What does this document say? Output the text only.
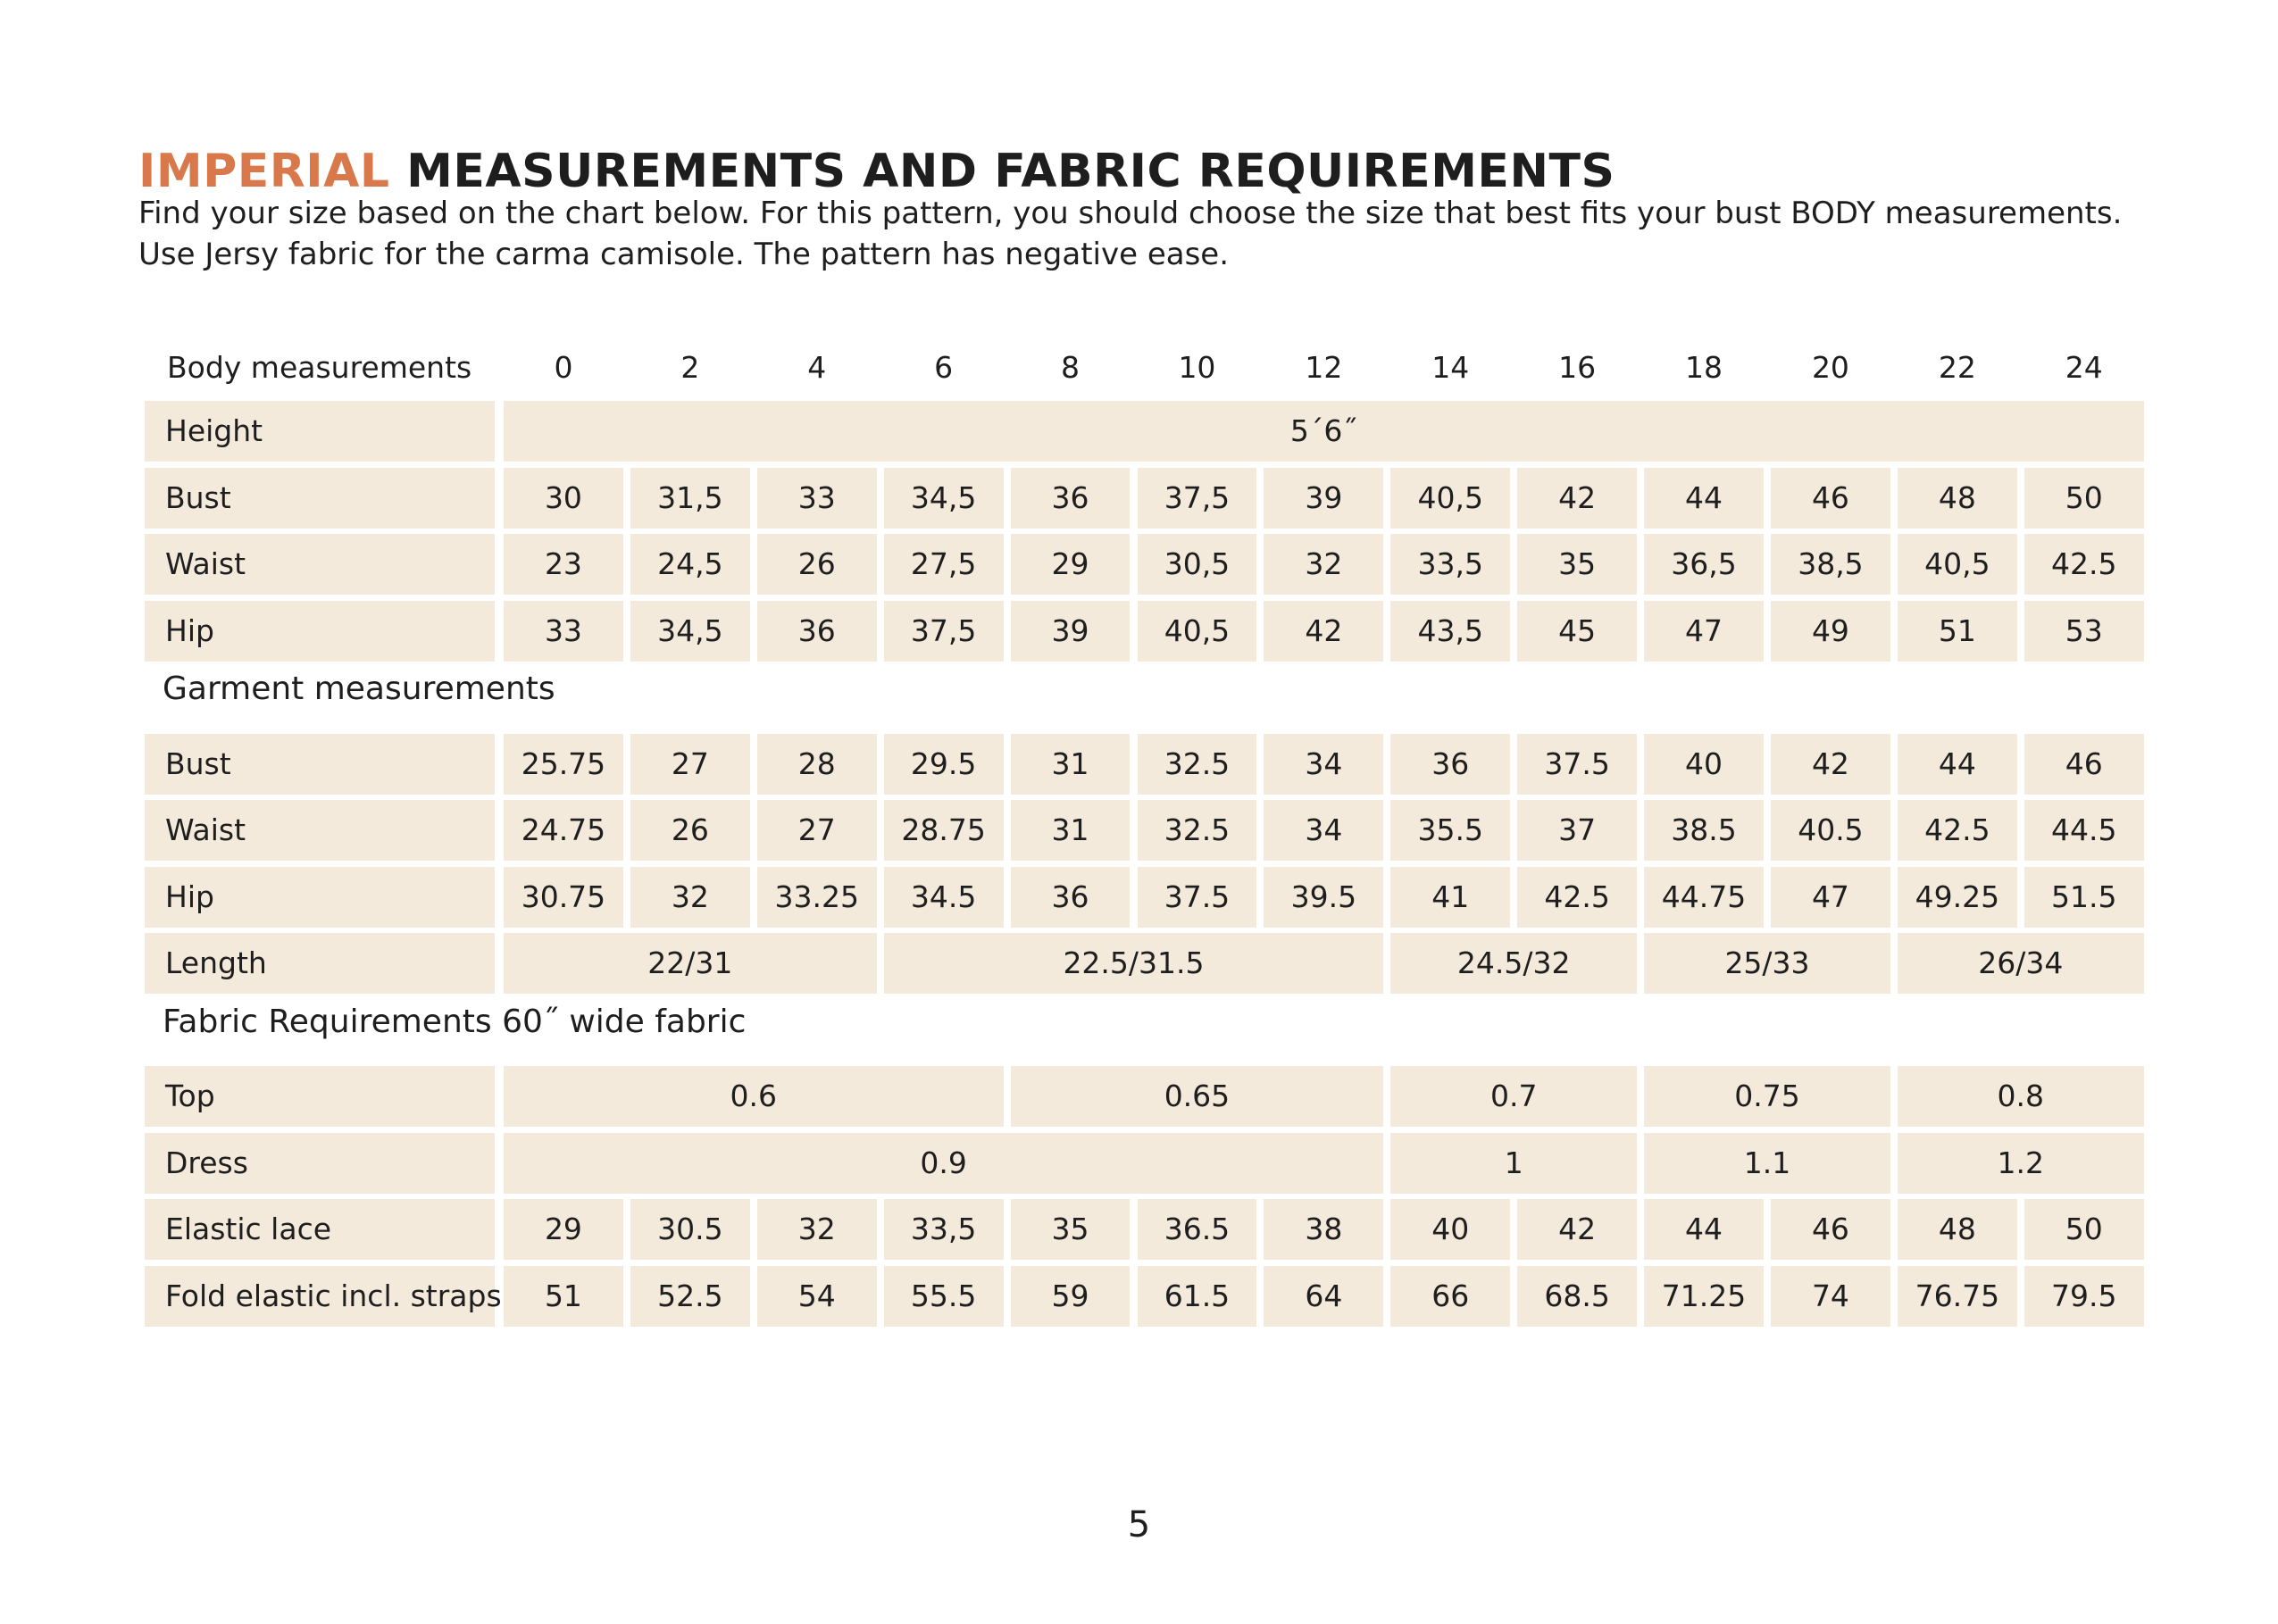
IMPERIAL MEASUREMENTS AND FABRIC REQUIREMENTS

Find your size based on the chart below. For this pattern, you should choose the size that best fits your bust BODY measurements.

Use Jersy fabric for the carma camisole. The pattern has negative ease.

Body measurements	0	2	4	6	8	10	12	14	16	18	20	22	24
Height	5´6˝
Bust	30	31,5	33	34,5	36	37,5	39	40,5	42	44	46	48	50
Waist	23	24,5	26	27,5	29	30,5	32	33,5	35	36,5	38,5	40,5	42.5
Hip	33	34,5	36	37,5	39	40,5	42	43,5	45	47	49	51	53
Garment measurements
Bust	25.75	27	28	29.5	31	32.5	34	36	37.5	40	42	44	46
Waist	24.75	26	27	28.75	31	32.5	34	35.5	37	38.5	40.5	42.5	44.5
Hip	30.75	32	33.25	34.5	36	37.5	39.5	41	42.5	44.75	47	49.25	51.5
Length	22/31	22.5/31.5	24.5/32	25/33	26/34
Fabric Requirements 60˝ wide fabric
Top	0.6	0.65	0.7	0.75	0.8
Dress	0.9	1	1.1	1.2
Elastic lace	29	30.5	32	33,5	35	36.5	38	40	42	44	46	48	50
Fold elastic incl. straps	51	52.5	54	55.5	59	61.5	64	66	68.5	71.25	74	76.75	79.5
5
